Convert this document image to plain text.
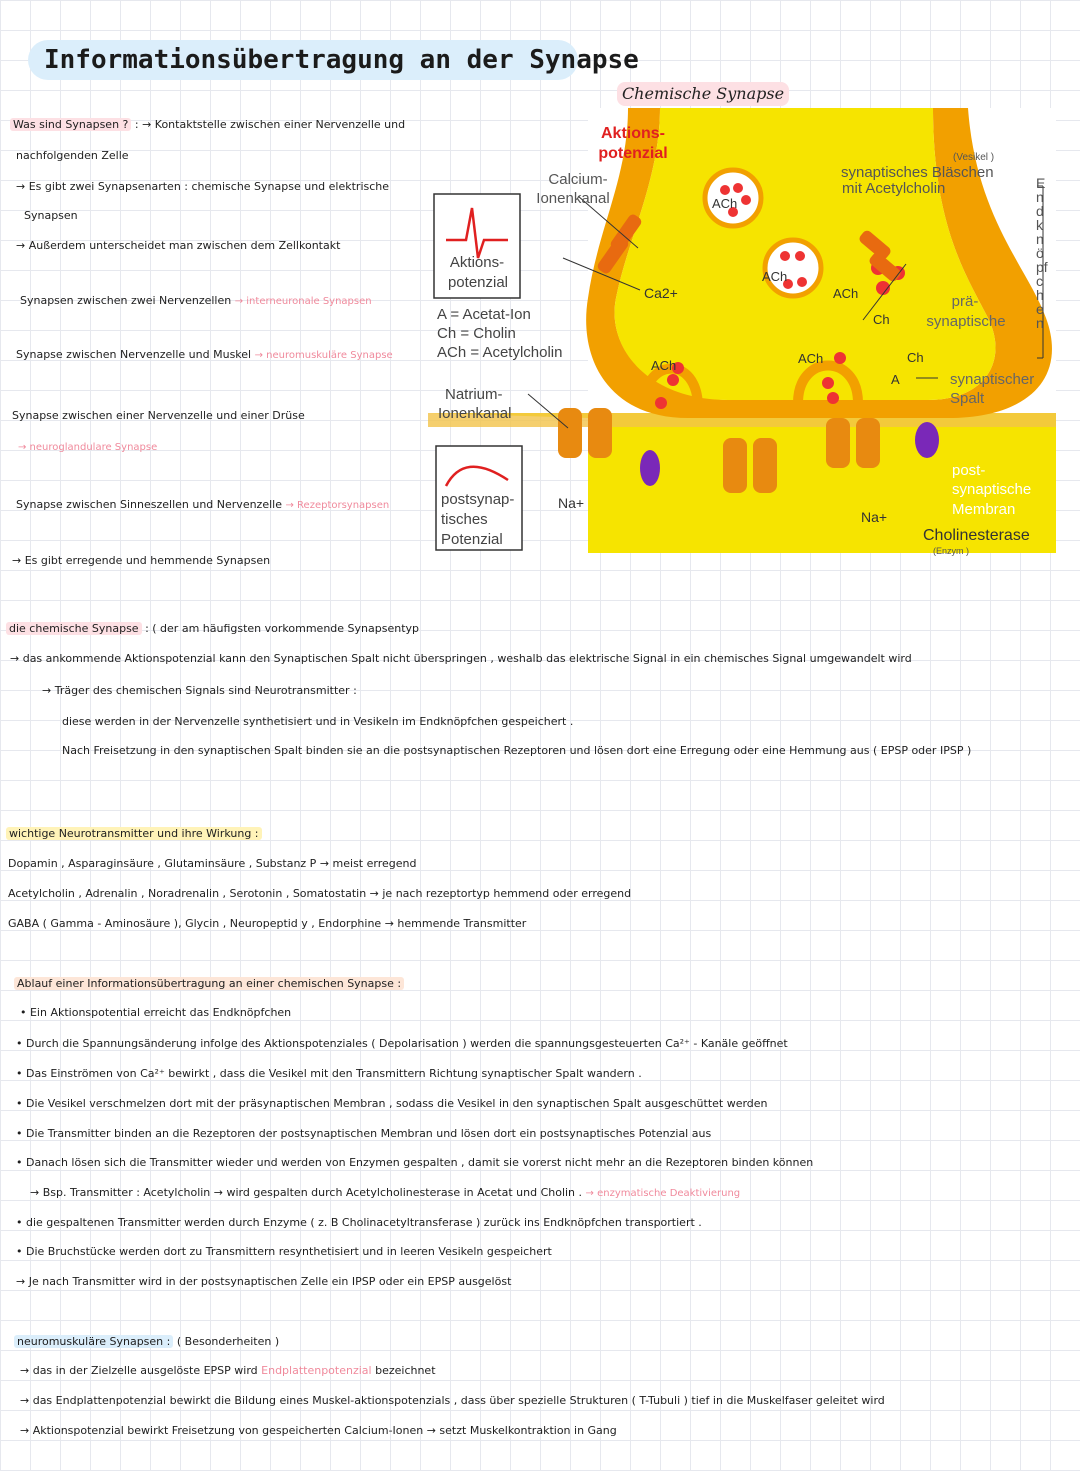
Informationsübertragung an der Synapse
Chemische Synapse
Aktions-
potenzial
Calcium-
Ionenkanal
Aktions-
potenzial
A = Acetat-Ion
Ch = Cholin
ACh = Acetylcholin
Natrium-
Ionenkanal
postsynap-
tisches
Potenzial
(Vesikel )
synaptisches Bläschen
mit Acetylcholin
prä-
synaptische
synaptischer
Spalt
post-
synaptische
Membran
Cholinesterase
(Enzym )
Ca2+
Na+
Na+
ACh
ACh
ACh	ACh
ACh
Ch
Ch
A
Endknöpfchen
Was sind Synapsen ? : → Kontaktstelle zwischen einer Nervenzelle und
nachfolgenden Zelle
→ Es gibt zwei Synapsenarten : chemische Synapse und elektrische
Synapsen
→ Außerdem unterscheidet man zwischen dem Zellkontakt
Synapsen zwischen zwei Nervenzellen → interneuronale Synapsen
Synapse zwischen Nervenzelle und Muskel → neuromuskuläre Synapse
Synapse zwischen einer Nervenzelle und einer Drüse
→ neuroglandulare Synapse
Synapse zwischen Sinneszellen und Nervenzelle → Rezeptorsynapsen
→ Es gibt erregende und hemmende Synapsen
die chemische Synapse : ( der am häufigsten vorkommende Synapsentyp
→ das ankommende Aktionspotenzial kann den Synaptischen Spalt nicht überspringen , weshalb das elektrische Signal in ein chemisches Signal umgewandelt wird
→ Träger des chemischen Signals sind Neurotransmitter :
diese werden in der Nervenzelle synthetisiert und in Vesikeln im Endknöpfchen gespeichert .
Nach Freisetzung in den synaptischen Spalt binden sie an die postsynaptischen Rezeptoren und lösen dort eine Erregung oder eine Hemmung aus ( EPSP oder IPSP )
wichtige Neurotransmitter und ihre Wirkung :
Dopamin , Asparaginsäure , Glutaminsäure , Substanz P → meist erregend
Acetylcholin , Adrenalin , Noradrenalin , Serotonin , Somatostatin → je nach rezeptortyp hemmend oder erregend
GABA ( Gamma - Aminosäure ), Glycin , Neuropeptid y , Endorphine → hemmende Transmitter
Ablauf einer Informationsübertragung an einer chemischen Synapse :
• Ein Aktionspotential erreicht das Endknöpfchen
• Durch die Spannungsänderung infolge des Aktionspotenziales ( Depolarisation ) werden die spannungsgesteuerten Ca²⁺ - Kanäle geöffnet
• Das Einströmen von Ca²⁺ bewirkt , dass die Vesikel mit den Transmittern Richtung synaptischer Spalt wandern .
• Die Vesikel verschmelzen dort mit der präsynaptischen Membran , sodass die Vesikel in den synaptischen Spalt ausgeschüttet werden
• Die Transmitter binden an die Rezeptoren der postsynaptischen Membran und lösen dort ein postsynaptisches Potenzial aus
• Danach lösen sich die Transmitter wieder und werden von Enzymen gespalten , damit sie vorerst nicht mehr an die Rezeptoren binden können
→ Bsp. Transmitter : Acetylcholin → wird gespalten durch Acetylcholinesterase in Acetat und Cholin . → enzymatische Deaktivierung
• die gespaltenen Transmitter werden durch Enzyme ( z. B Cholinacetyltransferase ) zurück ins Endknöpfchen transportiert .
• Die Bruchstücke werden dort zu Transmittern resynthetisiert und in leeren Vesikeln gespeichert
→ Je nach Transmitter wird in der postsynaptischen Zelle ein IPSP oder ein EPSP ausgelöst
neuromuskuläre Synapsen : ( Besonderheiten )
→ das in der Zielzelle ausgelöste EPSP wird Endplattenpotenzial bezeichnet
→ das Endplattenpotenzial bewirkt die Bildung eines Muskel-aktionspotenzials , dass über spezielle Strukturen ( T-Tubuli ) tief in die Muskelfaser geleitet wird
→ Aktionspotenzial bewirkt Freisetzung von gespeicherten Calcium-Ionen → setzt Muskelkontraktion in Gang
